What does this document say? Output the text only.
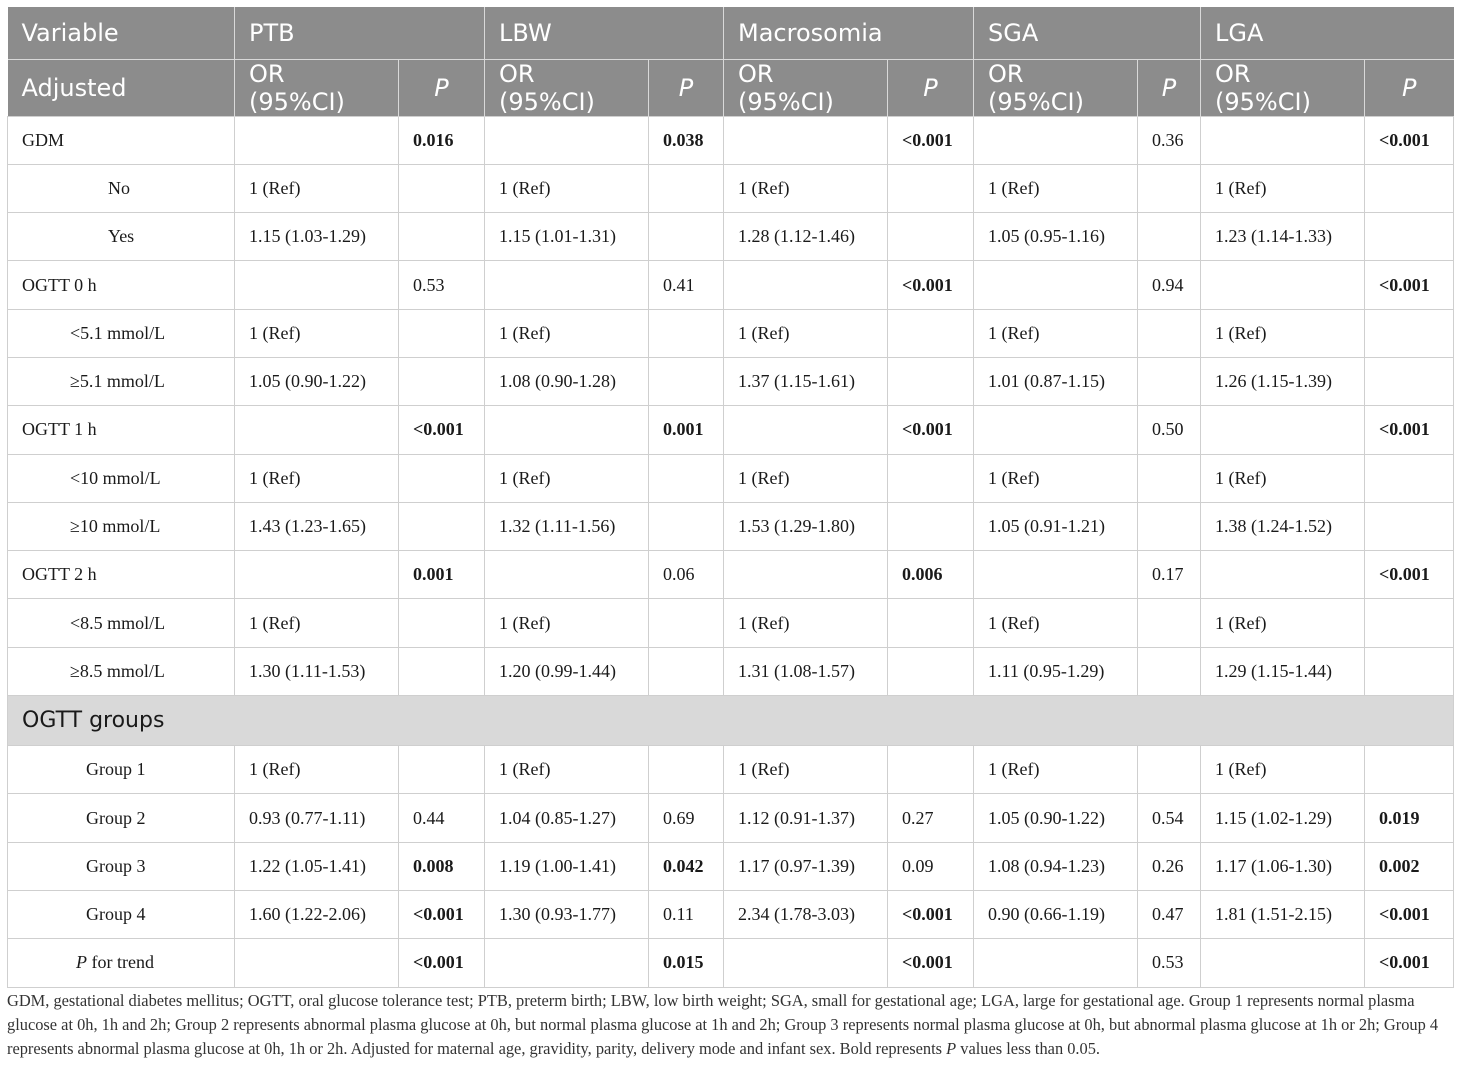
Variable	PTB		LBW		Macrosomia		SGA		LGA	
Adjusted	OR (95%CI)	P	OR (95%CI)	P	OR (95%CI)	P	OR (95%CI)	P	OR (95%CI)	P
GDM		0.016		0.038		<0.001		0.36		<0.001
No	1 (Ref)		1 (Ref)		1 (Ref)		1 (Ref)		1 (Ref)	
Yes	1.15 (1.03-1.29)		1.15 (1.01-1.31)		1.28 (1.12-1.46)		1.05 (0.95-1.16)		1.23 (1.14-1.33)	
OGTT 0 h		0.53		0.41		<0.001		0.94		<0.001
<5.1 mmol/L	1 (Ref)		1 (Ref)		1 (Ref)		1 (Ref)		1 (Ref)	
≥5.1 mmol/L	1.05 (0.90-1.22)		1.08 (0.90-1.28)		1.37 (1.15-1.61)		1.01 (0.87-1.15)		1.26 (1.15-1.39)	
OGTT 1 h		<0.001		0.001		<0.001		0.50		<0.001
<10 mmol/L	1 (Ref)		1 (Ref)		1 (Ref)		1 (Ref)		1 (Ref)	
≥10 mmol/L	1.43 (1.23-1.65)		1.32 (1.11-1.56)		1.53 (1.29-1.80)		1.05 (0.91-1.21)		1.38 (1.24-1.52)	
OGTT 2 h		0.001		0.06		0.006		0.17		<0.001
<8.5 mmol/L	1 (Ref)		1 (Ref)		1 (Ref)		1 (Ref)		1 (Ref)	
≥8.5 mmol/L	1.30 (1.11-1.53)		1.20 (0.99-1.44)		1.31 (1.08-1.57)		1.11 (0.95-1.29)		1.29 (1.15-1.44)	
OGTT groups										
Group 1	1 (Ref)		1 (Ref)		1 (Ref)		1 (Ref)		1 (Ref)	
Group 2	0.93 (0.77-1.11)	0.44	1.04 (0.85-1.27)	0.69	1.12 (0.91-1.37)	0.27	1.05 (0.90-1.22)	0.54	1.15 (1.02-1.29)	0.019
Group 3	1.22 (1.05-1.41)	0.008	1.19 (1.00-1.41)	0.042	1.17 (0.97-1.39)	0.09	1.08 (0.94-1.23)	0.26	1.17 (1.06-1.30)	0.002
Group 4	1.60 (1.22-2.06)	<0.001	1.30 (0.93-1.77)	0.11	2.34 (1.78-3.03)	<0.001	0.90 (0.66-1.19)	0.47	1.81 (1.51-2.15)	<0.001
P for trend		<0.001		0.015		<0.001		0.53		<0.001
GDM, gestational diabetes mellitus; OGTT, oral glucose tolerance test; PTB, preterm birth; LBW, low birth weight; SGA, small for gestational age; LGA, large for gestational age. Group 1 represents normal plasma glucose at 0h, 1h and 2h; Group 2 represents abnormal plasma glucose at 0h, but normal plasma glucose at 1h and 2h; Group 3 represents normal plasma glucose at 0h, but abnormal plasma glucose at 1h or 2h; Group 4 represents abnormal plasma glucose at 0h, 1h or 2h. Adjusted for maternal age, gravidity, parity, delivery mode and infant sex. Bold represents P values less than 0.05.
